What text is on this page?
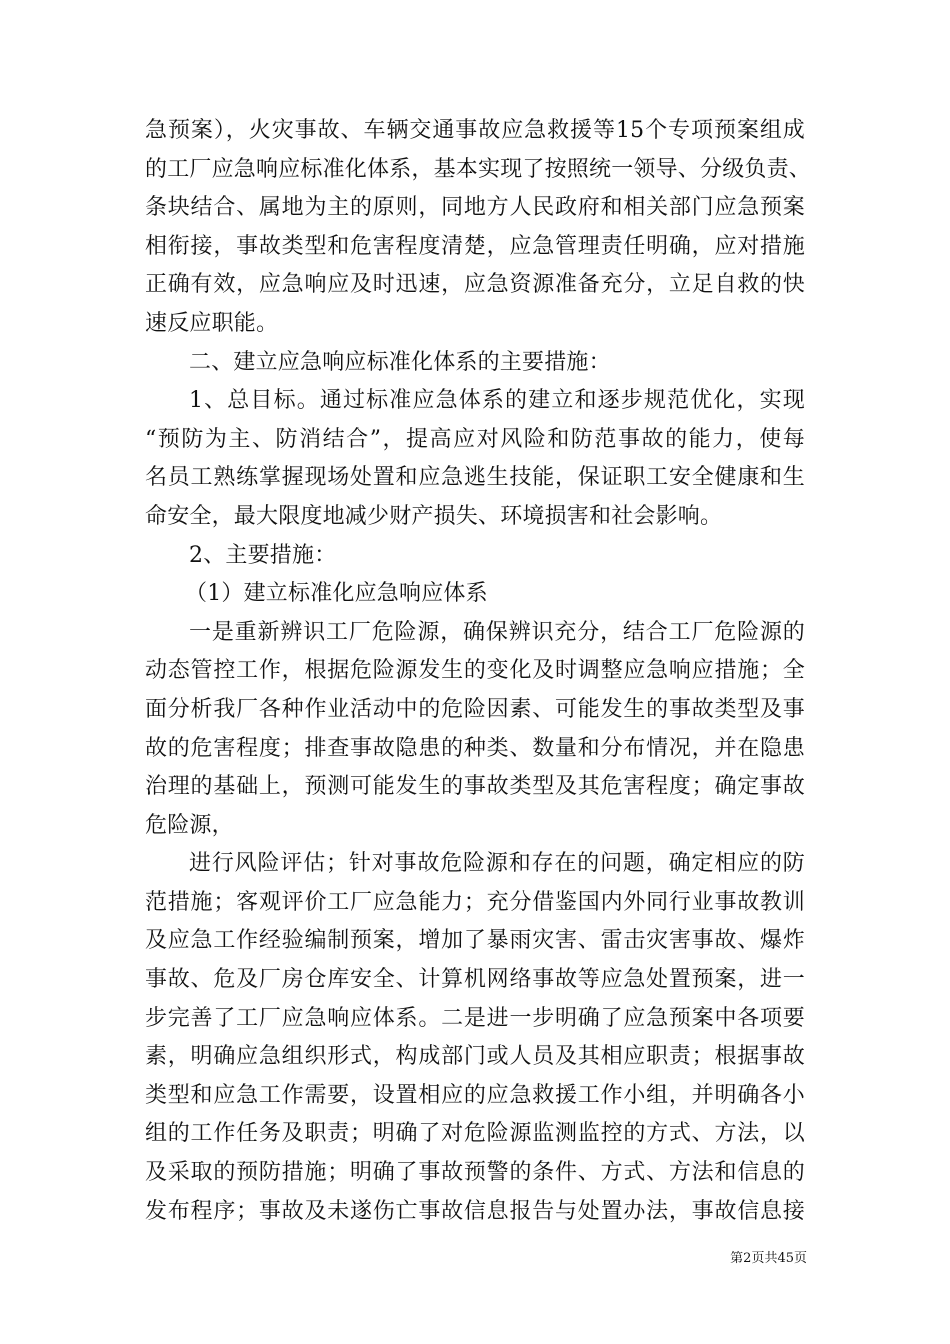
急预案），火灾事故、车辆交通事故应急救援等15个专项预案组成
的工厂应急响应标准化体系，基本实现了按照统一领导、分级负责、
条块结合、属地为主的原则，同地方人民政府和相关部门应急预案
相衔接，事故类型和危害程度清楚，应急管理责任明确，应对措施
正确有效，应急响应及时迅速，应急资源准备充分，立足自救的快
速反应职能。
二、建立应急响应标准化体系的主要措施：
1、总目标。通过标准应急体系的建立和逐步规范优化，实现
“预防为主、防消结合”，提高应对风险和防范事故的能力，使每
名员工熟练掌握现场处置和应急逃生技能，保证职工安全健康和生
命安全，最大限度地减少财产损失、环境损害和社会影响。
2、主要措施：
（1）建立标准化应急响应体系
一是重新辨识工厂危险源，确保辨识充分，结合工厂危险源的
动态管控工作，根据危险源发生的变化及时调整应急响应措施；全
面分析我厂各种作业活动中的危险因素、可能发生的事故类型及事
故的危害程度；排查事故隐患的种类、数量和分布情况，并在隐患
治理的基础上，预测可能发生的事故类型及其危害程度；确定事故
危险源，
进行风险评估；针对事故危险源和存在的问题，确定相应的防
范措施；客观评价工厂应急能力；充分借鉴国内外同行业事故教训
及应急工作经验编制预案，增加了暴雨灾害、雷击灾害事故、爆炸
事故、危及厂房仓库安全、计算机网络事故等应急处置预案，进一
步完善了工厂应急响应体系。二是进一步明确了应急预案中各项要
素，明确应急组织形式，构成部门或人员及其相应职责；根据事故
类型和应急工作需要，设置相应的应急救援工作小组，并明确各小
组的工作任务及职责；明确了对危险源监测监控的方式、方法，以
及采取的预防措施；明确了事故预警的条件、方式、方法和信息的
发布程序；事故及未遂伤亡事故信息报告与处置办法，事故信息接
第2页共45页
